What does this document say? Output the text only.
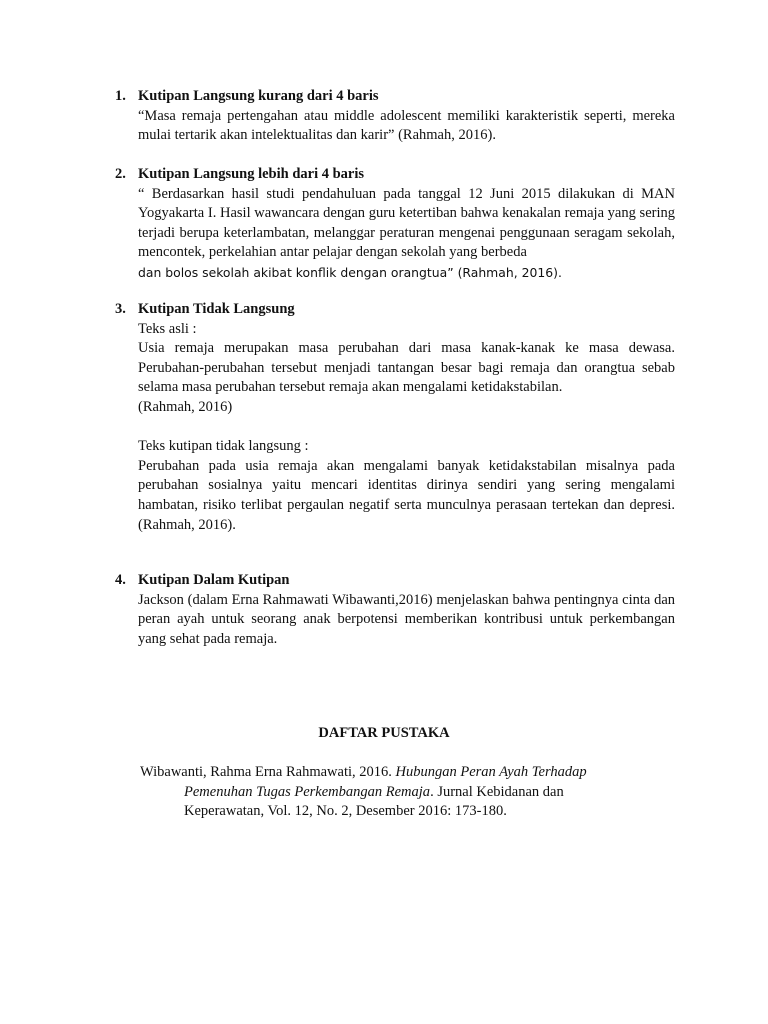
1. Kutipan Langsung kurang dari 4 baris
“Masa remaja pertengahan atau middle adolescent memiliki karakteristik seperti, mereka mulai tertarik akan intelektualitas dan karir” (Rahmah, 2016).
2. Kutipan Langsung lebih dari 4 baris
“ Berdasarkan hasil studi pendahuluan pada tanggal 12 Juni 2015 dilakukan di MAN Yogyakarta I. Hasil wawancara dengan guru ketertiban bahwa kenakalan remaja yang sering terjadi berupa keterlambatan, melanggar peraturan mengenai penggunaan seragam sekolah, mencontek, perkelahian antar pelajar dengan sekolah yang berbeda
dan bolos sekolah akibat konflik dengan orangtua” (Rahmah, 2016).
3. Kutipan Tidak Langsung
Teks asli :
Usia remaja merupakan masa perubahan dari masa kanak-kanak ke masa dewasa. Perubahan-perubahan tersebut menjadi tantangan besar bagi remaja dan orangtua sebab selama masa perubahan tersebut remaja akan mengalami ketidakstabilan.
(Rahmah, 2016)
Teks kutipan tidak langsung :
Perubahan pada usia remaja akan mengalami banyak ketidakstabilan misalnya pada perubahan sosialnya yaitu mencari identitas dirinya sendiri yang sering mengalami hambatan, risiko terlibat pergaulan negatif serta munculnya perasaan tertekan dan depresi. (Rahmah, 2016).
4. Kutipan Dalam Kutipan
Jackson (dalam Erna Rahmawati Wibawanti,2016) menjelaskan bahwa pentingnya cinta dan peran ayah untuk seorang anak berpotensi memberikan kontribusi untuk perkembangan yang sehat pada remaja.
DAFTAR PUSTAKA
Wibawanti, Rahma Erna Rahmawati, 2016. Hubungan Peran Ayah Terhadap
Pemenuhan Tugas Perkembangan Remaja. Jurnal Kebidanan dan
Keperawatan, Vol. 12, No. 2, Desember 2016: 173-180.
